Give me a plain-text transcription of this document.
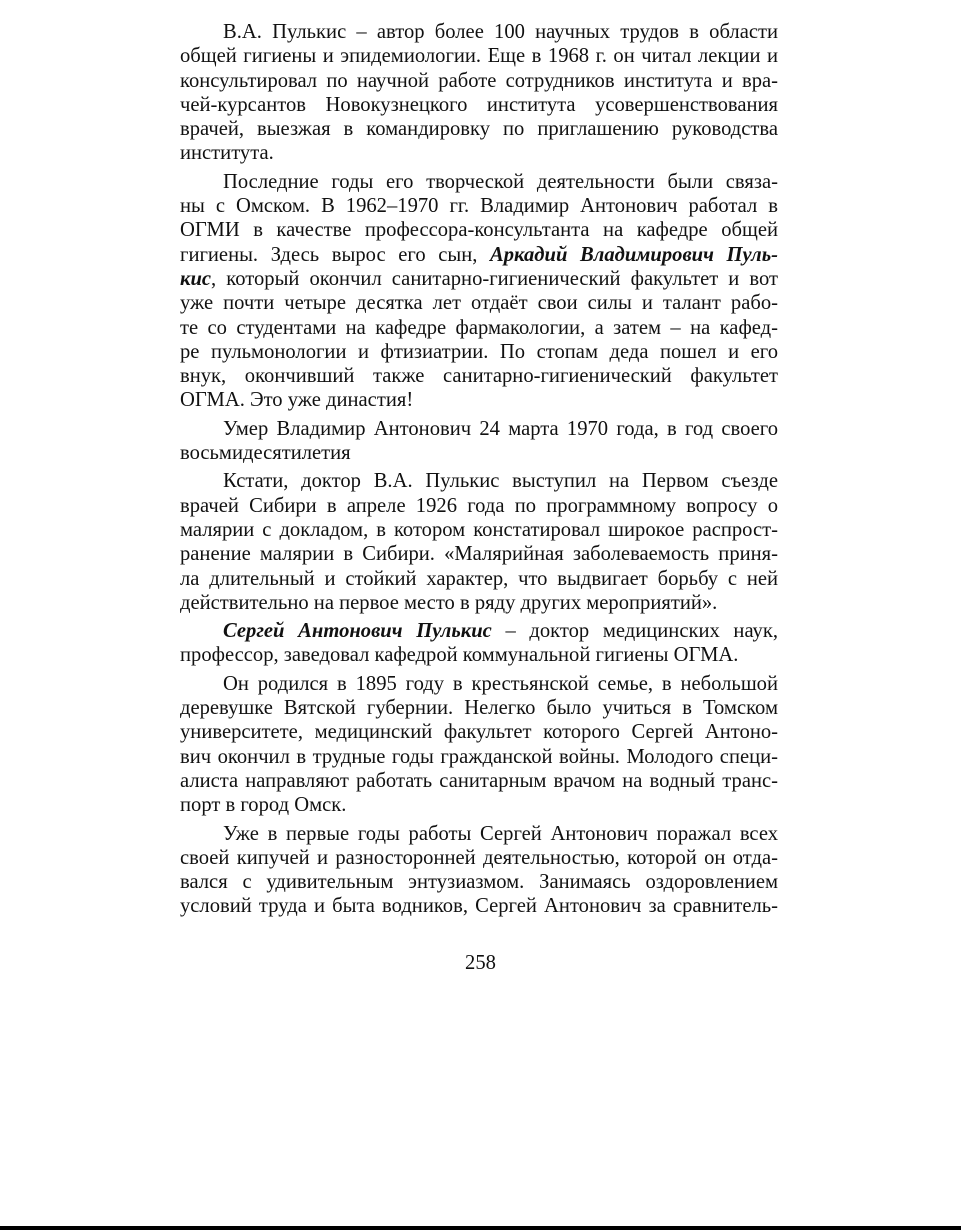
В.А. Пулькис – автор более 100 научных трудов в области
общей гигиены и эпидемиологии. Еще в 1968 г. он читал лекции и
консультировал по научной работе сотрудников института и вра-
чей-курсантов Новокузнецкого института усовершенствования
врачей, выезжая в командировку по приглашению руководства
института.
Последние годы его творческой деятельности были связа-
ны с Омском. В 1962–1970 гг. Владимир Антонович работал в
ОГМИ в качестве профессора-консультанта на кафедре общей
гигиены. Здесь вырос его сын, Аркадий Владимирович Пуль-
кис, который окончил санитарно-гигиенический факультет и вот
уже почти четыре десятка лет отдаёт свои силы и талант рабо-
те со студентами на кафедре фармакологии, а затем – на кафед-
ре пульмонологии и фтизиатрии. По стопам деда пошел и его
внук, окончивший также санитарно-гигиенический факультет
ОГМА. Это уже династия!
Умер Владимир Антонович 24 марта 1970 года, в год своего
восьмидесятилетия
Кстати, доктор В.А. Пулькис выступил на Первом съезде
врачей Сибири в апреле 1926 года по программному вопросу о
малярии с докладом, в котором констатировал широкое распрост-
ранение малярии в Сибири. «Малярийная заболеваемость приня-
ла длительный и стойкий характер, что выдвигает борьбу с ней
действительно на первое место в ряду других мероприятий».
Сергей Антонович Пулькис – доктор медицинских наук,
профессор, заведовал кафедрой коммунальной гигиены ОГМА.
Он родился в 1895 году в крестьянской семье, в небольшой
деревушке Вятской губернии. Нелегко было учиться в Томском
университете, медицинский факультет которого Сергей Антоно-
вич окончил в трудные годы гражданской войны. Молодого специ-
алиста направляют работать санитарным врачом на водный транс-
порт в город Омск.
Уже в первые годы работы Сергей Антонович поражал всех
своей кипучей и разносторонней деятельностью, которой он отда-
вался с удивительным энтузиазмом. Занимаясь оздоровлением
условий труда и быта водников, Сергей Антонович за сравнитель-
258
